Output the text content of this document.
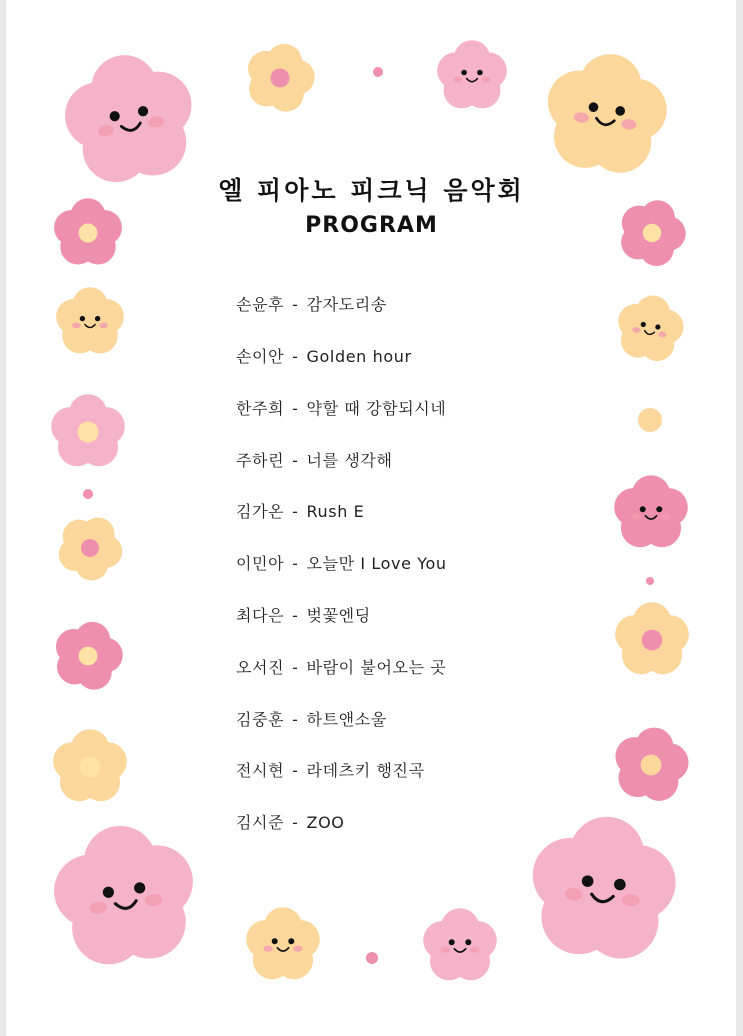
엘 피아노 피크닉 음악회
PROGRAM
손윤후 - 감자도리송
손이안 - Golden hour
한주희 - 약할 때 강함되시네
주하린 - 너를 생각해
김가온 - Rush E
이민아 - 오늘만 I Love You
최다은 - 벚꽃엔딩
오서진 - 바람이 불어오는 곳
김중훈 - 하트앤소울
전시현 - 라데츠키 행진곡
김시준 - ZOO
